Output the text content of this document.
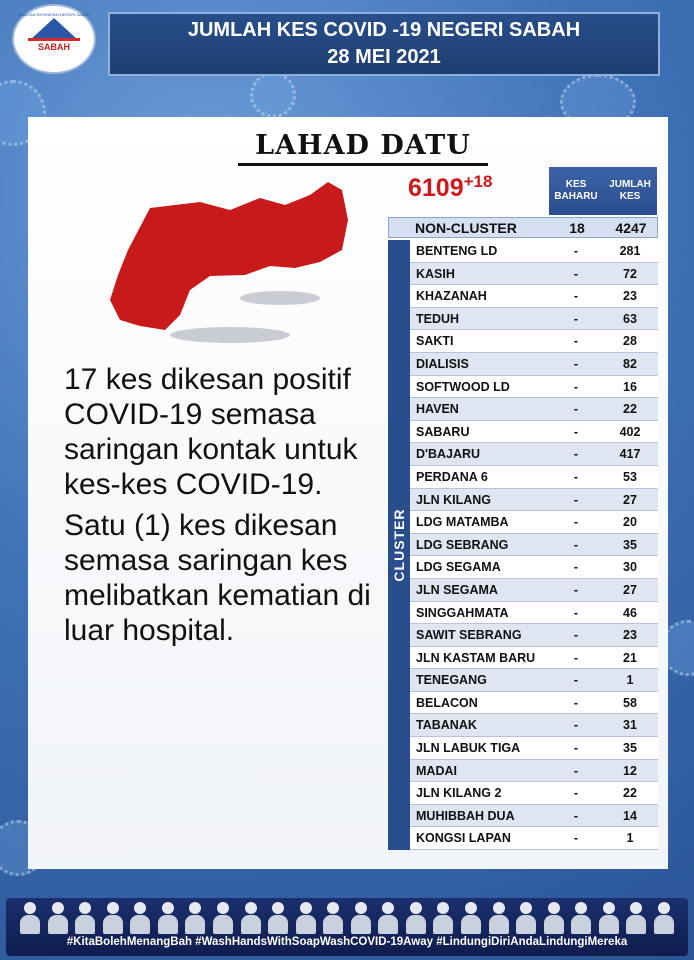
JABATAN KESIHATAN NEGERI SABAH
SABAH
JUMLAH KES COVID -19 NEGERI SABAH
28 MEI 2021
LAHAD DATU
$6109^{+18}$

17 kes dikesan positif COVID-19 semasa saringan kontak untuk kes-kes COVID-19.

Satu (1) kes dikesan semasa saringan kes melibatkan kematian di luar hospital.

KES BAHARU
JUMLAH KES
NON-CLUSTER	18	4247
CLUSTER
BENTENG LD	-	281
KASIH	-	72
KHAZANAH	-	23
TEDUH	-	63
SAKTI	-	28
DIALISIS	-	82
SOFTWOOD LD	-	16
HAVEN	-	22
SABARU	-	402
D'BAJARU	-	417
PERDANA 6	-	53
JLN KILANG	-	27
LDG MATAMBA	-	20
LDG SEBRANG	-	35
LDG SEGAMA	-	30
JLN SEGAMA	-	27
SINGGAHMATA	-	46
SAWIT SEBRANG	-	23
JLN KASTAM BARU	-	21
TENEGANG	-	1
BELACON	-	58
TABANAK	-	31
JLN LABUK TIGA	-	35
MADAI	-	12
JLN KILANG 2	-	22
MUHIBBAH DUA	-	14
KONGSI LAPAN	-	1
#KitaBolehMenangBah #WashHandsWithSoapWashCOVID-19Away #LindungiDiriAndaLindungiMereka
